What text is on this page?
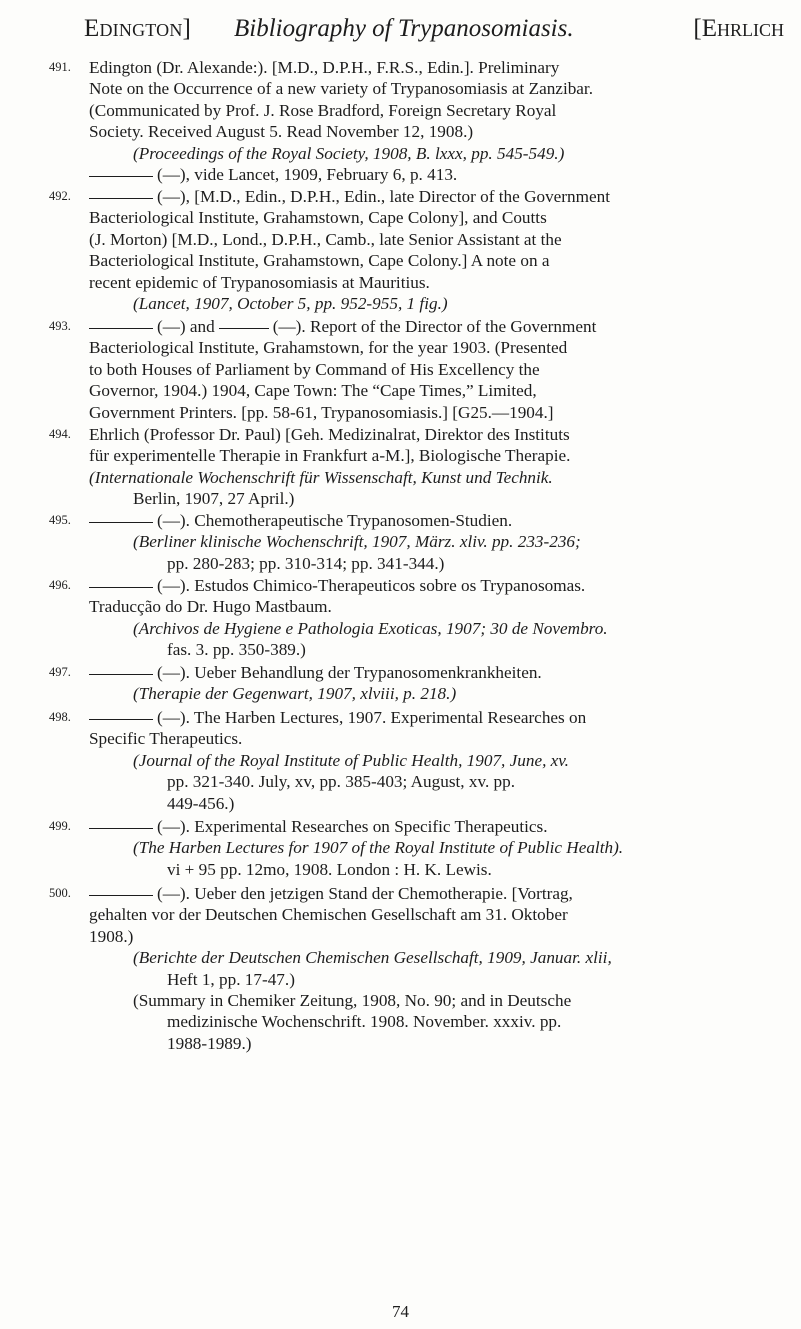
Edington] Bibliography of Trypanosomiasis.	[Ehrlich
491.	Edington (Dr. Alexande:). [M.D., D.P.H., F.R.S., Edin.]. Preliminary
Note on the Occurrence of a new variety of Trypanosomiasis at Zanzibar.
(Communicated by Prof. J. Rose Bradford, Foreign Secretary Royal
Society. Received August 5. Read November 12, 1908.)
(Proceedings of the Royal Society, 1908, B. lxxx, pp. 545-549.)
(—), vide Lancet, 1909, February 6, p. 413.
492.	(—), [M.D., Edin., D.P.H., Edin., late Director of the Government
Bacteriological Institute, Grahamstown, Cape Colony], and Coutts
(J. Morton) [M.D., Lond., D.P.H., Camb., late Senior Assistant at the
Bacteriological Institute, Grahamstown, Cape Colony.] A note on a
recent epidemic of Trypanosomiasis at Mauritius.
(Lancet, 1907, October 5, pp. 952-955, 1 fig.)
493.	(—) and	(—). Report of the Director of the Government
Bacteriological Institute, Grahamstown, for the year 1903. (Presented
to both Houses of Parliament by Command of His Excellency the
Governor, 1904.) 1904, Cape Town: The “Cape Times,” Limited,
Government Printers. [pp. 58-61, Trypanosomiasis.] [G25.—1904.]
494.	Ehrlich (Professor Dr. Paul) [Geh. Medizinalrat, Direktor des Instituts
für experimentelle Therapie in Frankfurt a-M.], Biologische Therapie.
(Internationale Wochenschrift für Wissenschaft, Kunst und Technik.
Berlin, 1907, 27 April.)
495.	(—). Chemotherapeutische Trypanosomen-Studien.
(Berliner klinische Wochenschrift, 1907, März. xliv. pp. 233-236;
pp. 280-283; pp. 310-314; pp. 341-344.)
496.	(—). Estudos Chimico-Therapeuticos sobre os Trypanosomas.
Traducção do Dr. Hugo Mastbaum.
(Archivos de Hygiene e Pathologia Exoticas, 1907; 30 de Novembro.
fas. 3. pp. 350-389.)
497.	(—). Ueber Behandlung der Trypanosomenkrankheiten.
(Therapie der Gegenwart, 1907, xlviii, p. 218.)
498.	(—). The Harben Lectures, 1907. Experimental Researches on
Specific Therapeutics.
(Journal of the Royal Institute of Public Health, 1907, June, xv.
pp. 321-340. July, xv, pp. 385-403; August, xv. pp.
449-456.)
499.	(—). Experimental Researches on Specific Therapeutics.
(The Harben Lectures for 1907 of the Royal Institute of Public Health).
vi + 95 pp. 12mo, 1908. London : H. K. Lewis.
500.	(—). Ueber den jetzigen Stand der Chemotherapie. [Vortrag,
gehalten vor der Deutschen Chemischen Gesellschaft am 31. Oktober
1908.)
(Berichte der Deutschen Chemischen Gesellschaft, 1909, Januar. xlii,
Heft 1, pp. 17-47.)
(Summary in Chemiker Zeitung, 1908, No. 90; and in Deutsche
medizinische Wochenschrift. 1908. November. xxxiv. pp.
1988-1989.)
74
